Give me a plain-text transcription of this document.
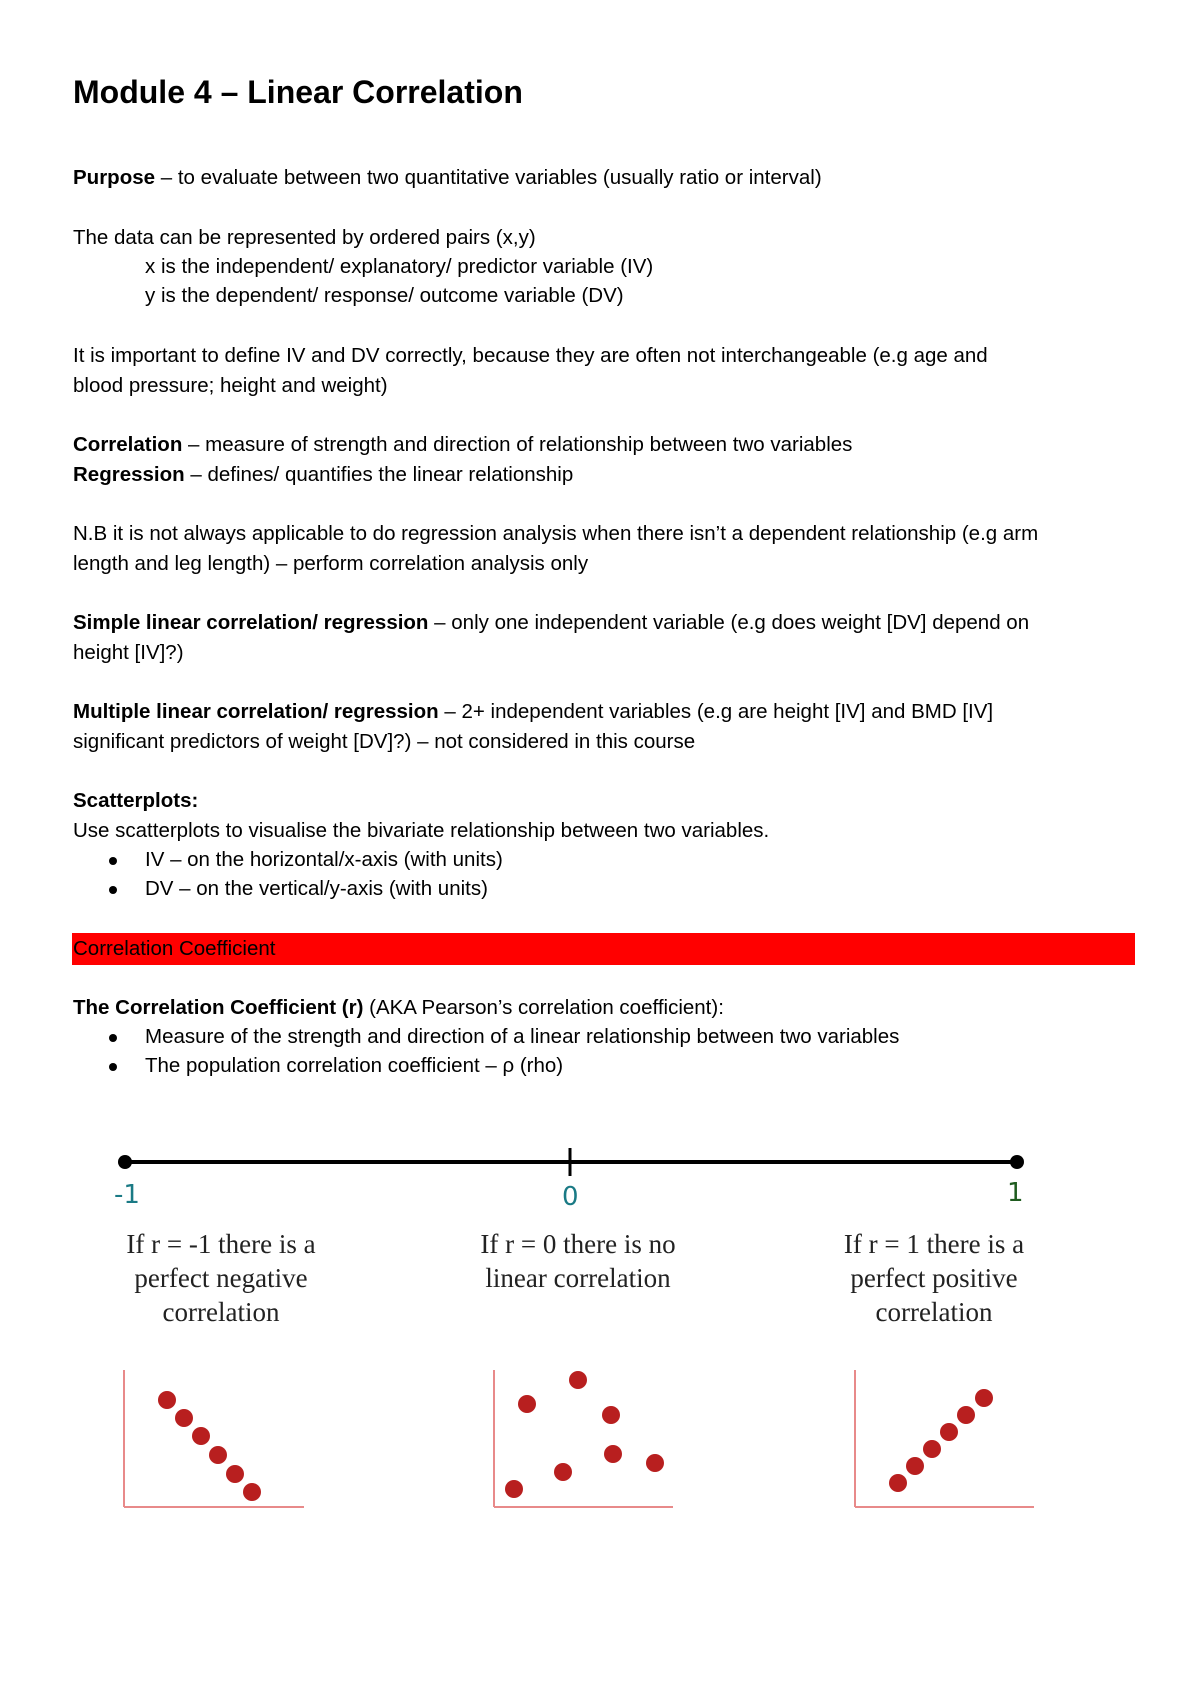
Module 4 – Linear Correlation
Purpose – to evaluate between two quantitative variables (usually ratio or interval)
The data can be represented by ordered pairs (x,y)
x is the independent/ explanatory/ predictor variable (IV)
y is the dependent/ response/ outcome variable (DV)
It is important to define IV and DV correctly, because they are often not interchangeable (e.g age and
blood pressure; height and weight)
Correlation – measure of strength and direction of relationship between two variables
Regression – defines/ quantifies the linear relationship
N.B it is not always applicable to do regression analysis when there isn’t a dependent relationship (e.g arm
length and leg length) – perform correlation analysis only
Simple linear correlation/ regression – only one independent variable (e.g does weight [DV] depend on
height [IV]?)
Multiple linear correlation/ regression – 2+ independent variables (e.g are height [IV] and BMD [IV]
significant predictors of weight [DV]?) – not considered in this course
Scatterplots:
Use scatterplots to visualise the bivariate relationship between two variables.
IV – on the horizontal/x-axis (with units)
DV – on the vertical/y-axis (with units)
Correlation Coefficient
The Correlation Coefficient (r) (AKA Pearson’s correlation coefficient):
Measure of the strength and direction of a linear relationship between two variables
The population correlation coefficient – ρ (rho)
-1	0	1
If r = -1 there is a
perfect negative
correlation
If r = 0 there is no
linear correlation
If r = 1 there is a
perfect positive
correlation
